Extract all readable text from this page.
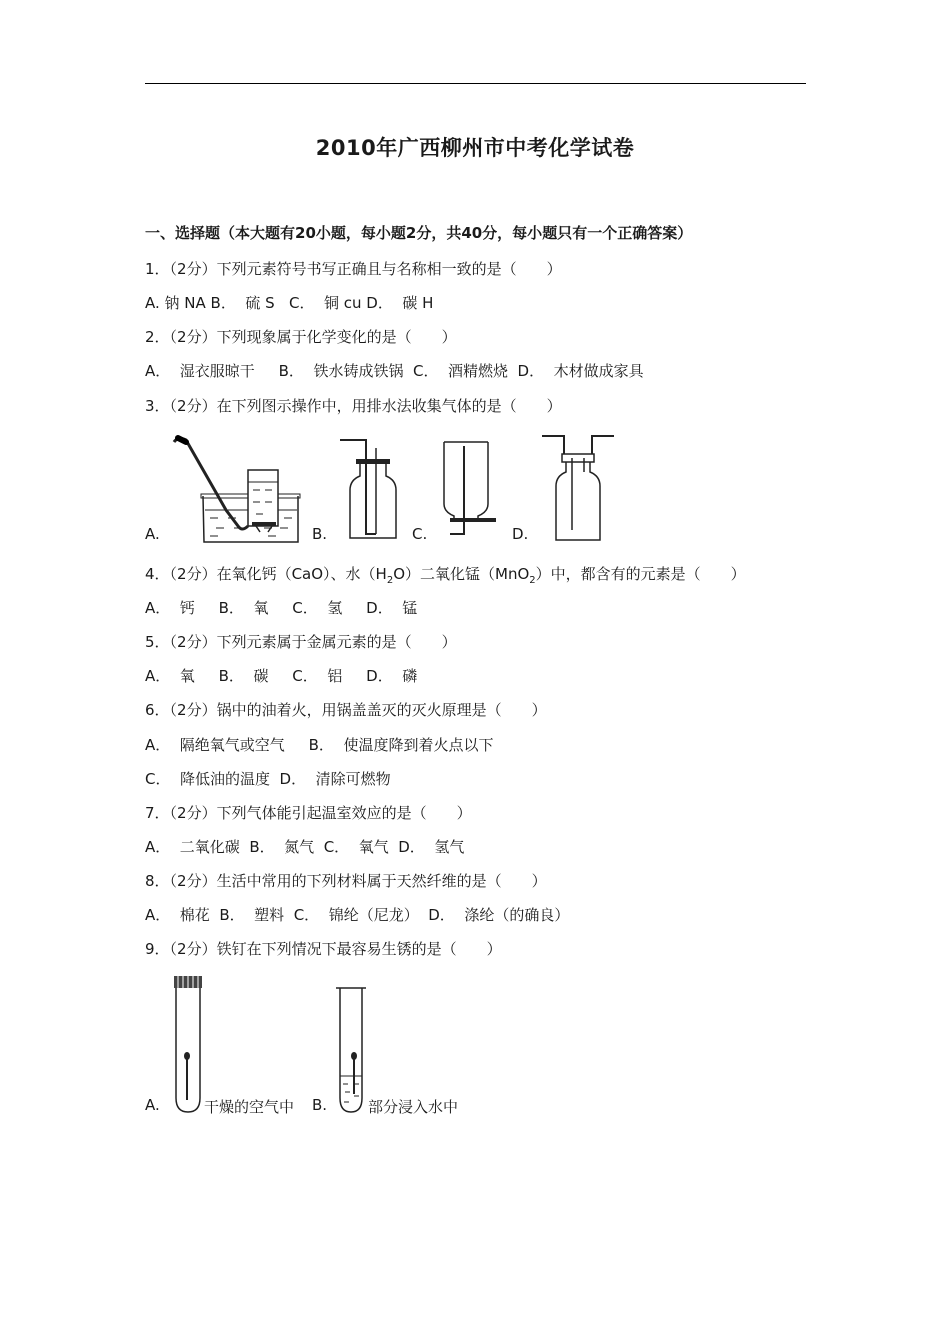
2010年广西柳州市中考化学试卷
一、选择题（本大题有20小题，每小题2分，共40分，每小题只有一个正确答案）
1．（2分）下列元素符号书写正确且与名称相一致的是（　　）
A. 钠 NA B．  硫 S   C．  铜 cu D．  碳 H
2．（2分）下列现象属于化学变化的是（　　）
A．  湿衣服晾干     B．  铁水铸成铁锅  C．  酒精燃烧  D．  木材做成家具
3．（2分）在下列图示操作中，用排水法收集气体的是（　　）
A.	B.	C.	D.
4．（2分）在氧化钙（CaO）、水$(H_2O)$二氧化锰（MnO$_2$）中，都含有的元素是（　　）
A．  钙     B．  氧     C．  氢     D．  锰
5．（2分）下列元素属于金属元素的是（　　）
A．  氧     B．  碳     C．  铝     D．  磷
6．（2分）锅中的油着火，用锅盖盖灭的灭火原理是（　　）
A．  隔绝氧气或空气     B．  使温度降到着火点以下
C．  降低油的温度  D．  清除可燃物
7．（2分）下列气体能引起温室效应的是（　　）
A．  二氧化碳  B．  氮气  C．  氧气  D．  氢气
8．（2分）生活中常用的下列材料属于天然纤维的是（　　）
A．  棉花  B．  塑料  C．  锦纶（尼龙）  D．  涤纶（的确良）
9．（2分）铁钉在下列情况下最容易生锈的是（　　）
A.	干燥的空气中 B.	部分浸入水中
